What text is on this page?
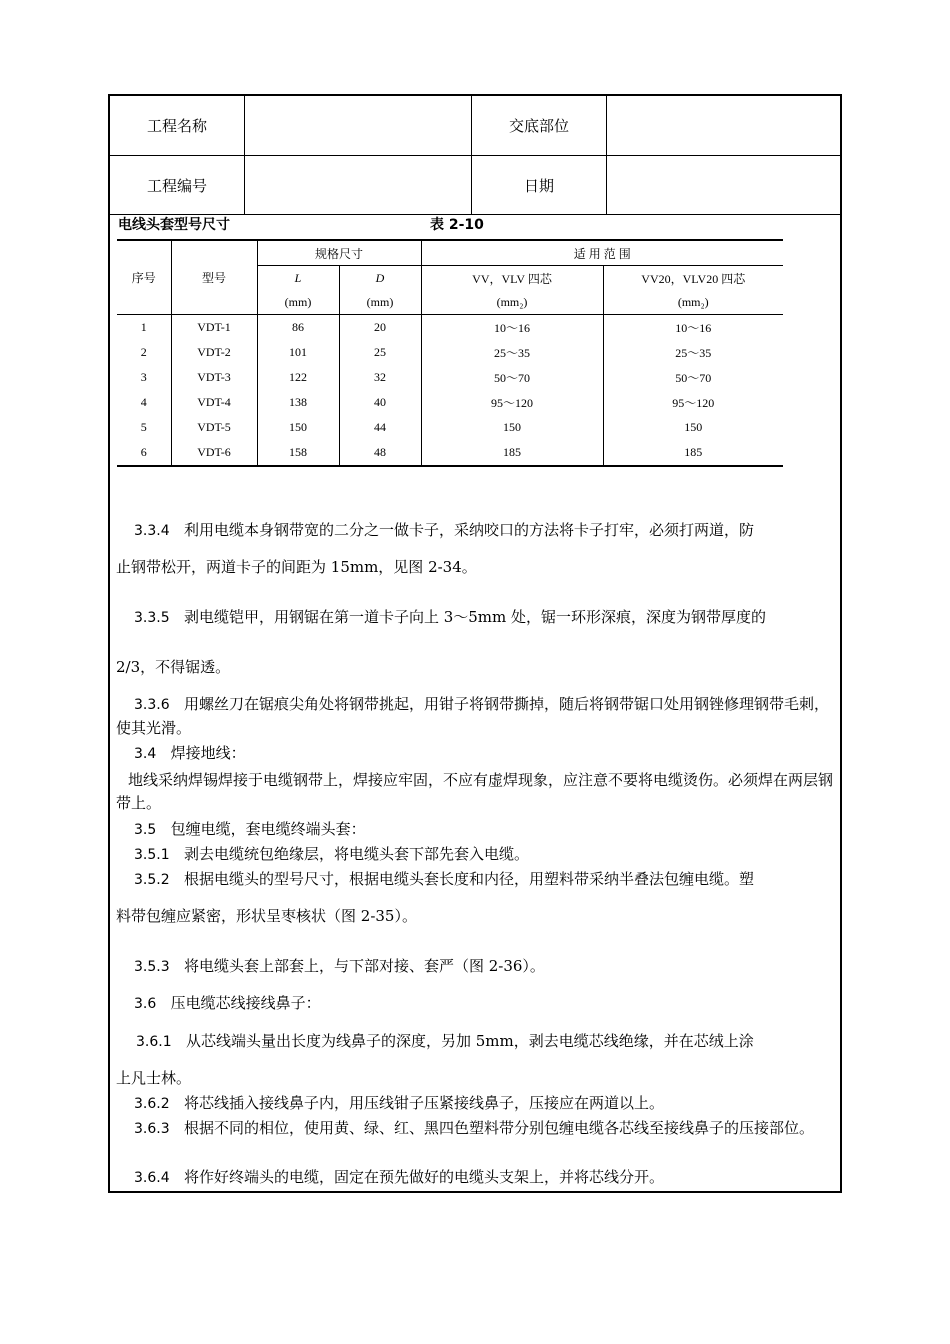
工程名称	交底部位
工程编号	日期
电线头套型号尺寸	表 2-10
序号	型号	规格尺寸		适 用 范 围	
		L	D	VV，VLV 四芯	VV20，VLV20 四芯
		(mm)	(mm)	(mm₂)	(mm₂)
1	VDT-1	86	20	10～16	10～16
2	VDT-2	101	25	25～35	25～35
3	VDT-3	122	32	50～70	50～70
4	VDT-4	138	40	95～120	95～120
5	VDT-5	150	44	150	150
6	VDT-6	158	48	185	185
3.3.4 利用电缆本身钢带宽的二分之一做卡子，采纳咬口的方法将卡子打牢，必须打两道，防
止钢带松开，两道卡子的间距为 15mm，见图 2-34。
3.3.5 剥电缆铠甲，用钢锯在第一道卡子向上 3～5mm 处，锯一环形深痕，深度为钢带厚度的
2/3，不得锯透。
3.3.6 用螺丝刀在锯痕尖角处将钢带挑起，用钳子将钢带撕掉，随后将钢带锯口处用钢锉修理钢带毛刺，使其光滑。
3.4 焊接地线：
地线采纳焊锡焊接于电缆钢带上，焊接应牢固，不应有虚焊现象，应注意不要将电缆烫伤。必须焊在两层钢带上。
3.5 包缠电缆，套电缆终端头套：
3.5.1 剥去电缆统包绝缘层，将电缆头套下部先套入电缆。
3.5.2 根据电缆头的型号尺寸，根据电缆头套长度和内径，用塑料带采纳半叠法包缠电缆。塑
料带包缠应紧密，形状呈枣核状（图 2-35）。
3.5.3 将电缆头套上部套上，与下部对接、套严（图 2-36）。
3.6 压电缆芯线接线鼻子：
3.6.1 从芯线端头量出长度为线鼻子的深度，另加 5mm，剥去电缆芯线绝缘，并在芯绒上涂
上凡士林。
3.6.2 将芯线插入接线鼻子内，用压线钳子压紧接线鼻子，压接应在两道以上。
3.6.3 根据不同的相位，使用黄、绿、红、黑四色塑料带分别包缠电缆各芯线至接线鼻子的压接部位。
3.6.4 将作好终端头的电缆，固定在预先做好的电缆头支架上，并将芯线分开。
